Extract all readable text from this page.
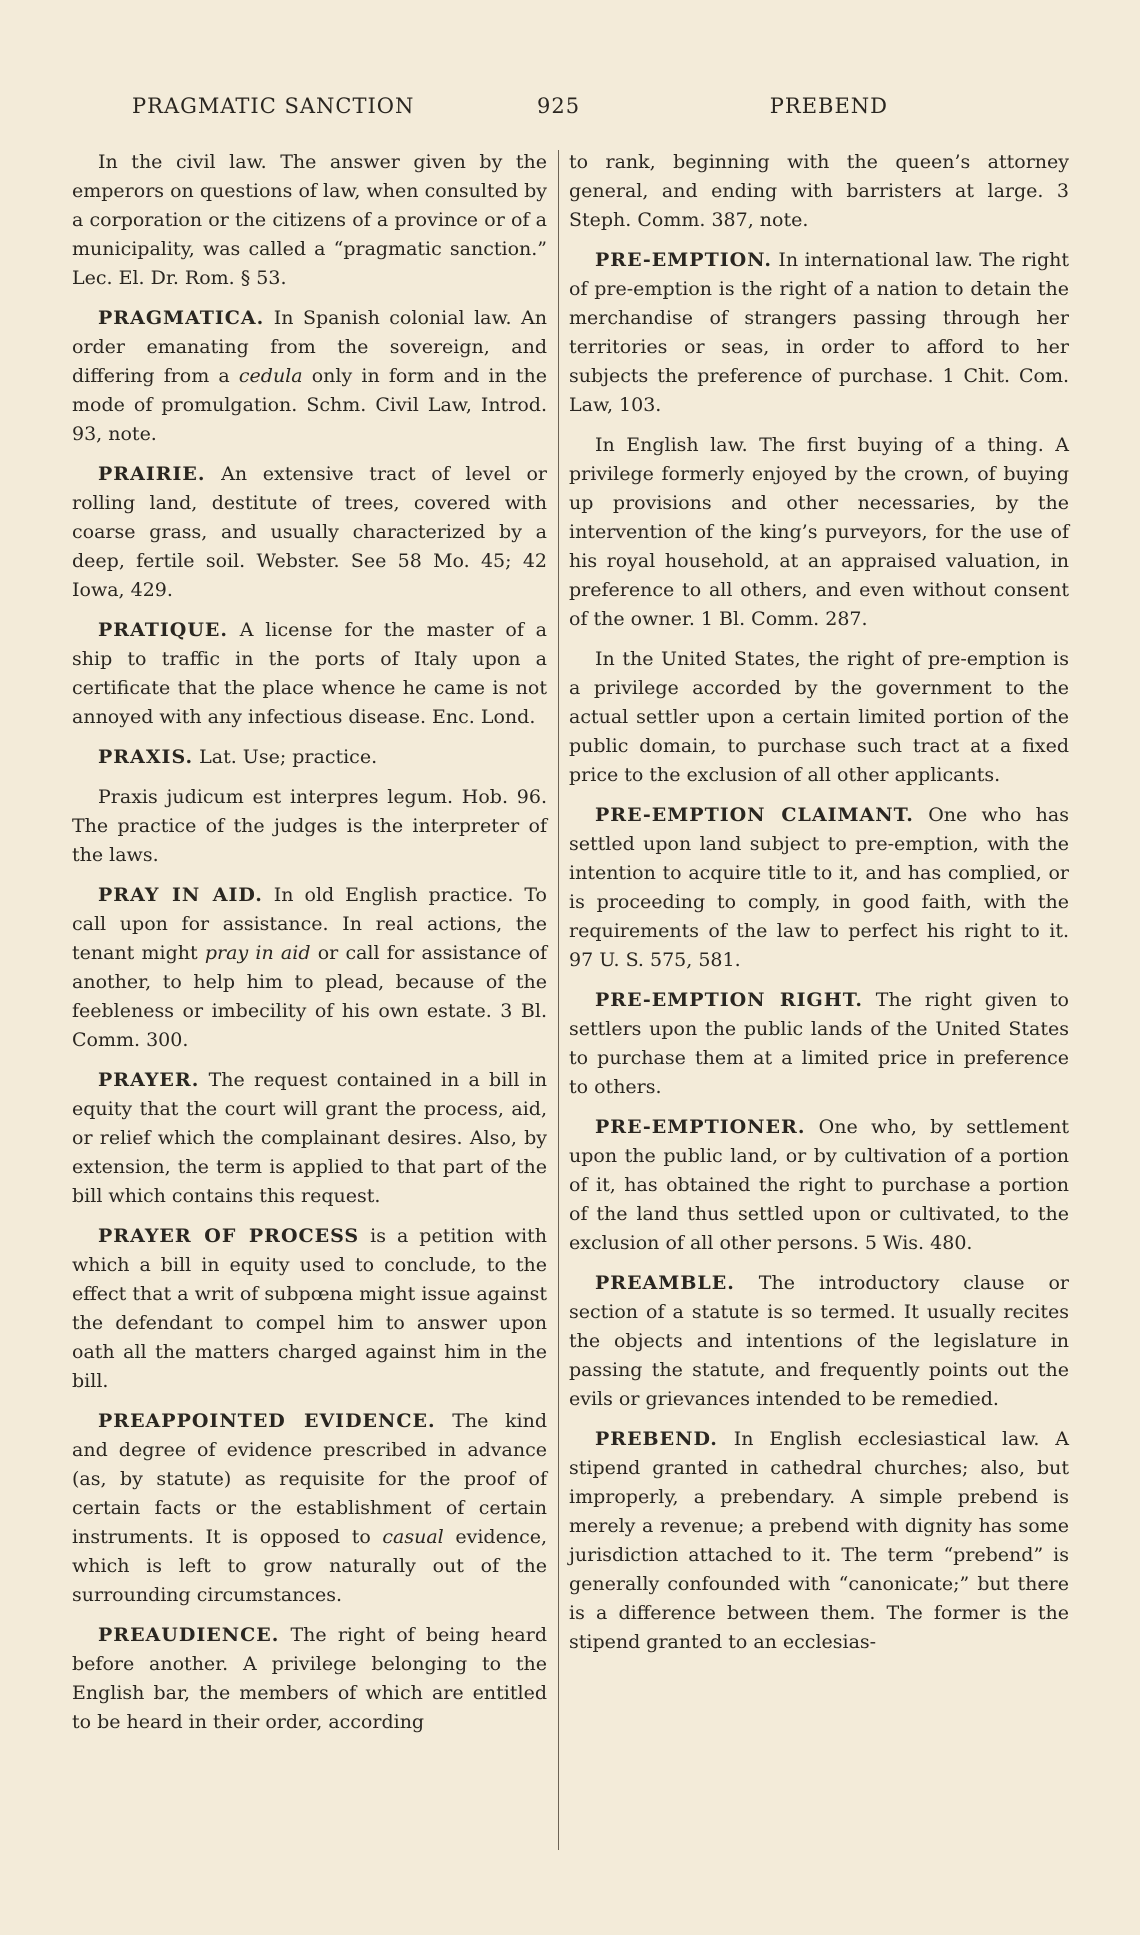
PRAGMATIC SANCTION	925	PREBEND

In the civil law. The answer given by the emperors on questions of law, when consulted by a corporation or the citizens of a province or of a municipality, was called a “pragmatic sanction.” Lec. El. Dr. Rom. § 53.

PRAGMATICA. In Spanish colonial law. An order emanating from the sovereign, and differing from a cedula only in form and in the mode of promulgation. Schm. Civil Law, Introd. 93, note.

PRAIRIE. An extensive tract of level or rolling land, destitute of trees, covered with coarse grass, and usually characterized by a deep, fertile soil. Webster. See 58 Mo. 45; 42 Iowa, 429.

PRATIQUE. A license for the master of a ship to traffic in the ports of Italy upon a certificate that the place whence he came is not annoyed with any infectious disease. Enc. Lond.

PRAXIS. Lat. Use; practice.

Praxis judicum est interpres legum. Hob. 96. The practice of the judges is the interpreter of the laws.

PRAY IN AID. In old English practice. To call upon for assistance. In real actions, the tenant might pray in aid or call for assistance of another, to help him to plead, because of the feebleness or imbecility of his own estate. 3 Bl. Comm. 300.

PRAYER. The request contained in a bill in equity that the court will grant the process, aid, or relief which the complainant desires. Also, by extension, the term is applied to that part of the bill which contains this request.

PRAYER OF PROCESS is a petition with which a bill in equity used to conclude, to the effect that a writ of subpœna might issue against the defendant to compel him to answer upon oath all the matters charged against him in the bill.

PREAPPOINTED EVIDENCE. The kind and degree of evidence prescribed in advance (as, by statute) as requisite for the proof of certain facts or the establishment of certain instruments. It is opposed to casual evidence, which is left to grow naturally out of the surrounding circumstances.

PREAUDIENCE. The right of being heard before another. A privilege belonging to the English bar, the members of which are entitled to be heard in their order, according

to rank, beginning with the queen’s attorney general, and ending with barristers at large. 3 Steph. Comm. 387, note.

PRE-EMPTION. In international law. The right of pre-emption is the right of a nation to detain the merchandise of strangers passing through her territories or seas, in order to afford to her subjects the preference of purchase. 1 Chit. Com. Law, 103.

In English law. The first buying of a thing. A privilege formerly enjoyed by the crown, of buying up provisions and other necessaries, by the intervention of the king’s purveyors, for the use of his royal household, at an appraised valuation, in preference to all others, and even without consent of the owner. 1 Bl. Comm. 287.

In the United States, the right of pre-emption is a privilege accorded by the government to the actual settler upon a certain limited portion of the public domain, to purchase such tract at a fixed price to the exclusion of all other applicants.

PRE-EMPTION CLAIMANT. One who has settled upon land subject to pre-emption, with the intention to acquire title to it, and has complied, or is proceeding to comply, in good faith, with the requirements of the law to perfect his right to it. 97 U. S. 575, 581.

PRE-EMPTION RIGHT. The right given to settlers upon the public lands of the United States to purchase them at a limited price in preference to others.

PRE-EMPTIONER. One who, by settlement upon the public land, or by cultivation of a portion of it, has obtained the right to purchase a portion of the land thus settled upon or cultivated, to the exclusion of all other persons. 5 Wis. 480.

PREAMBLE. The introductory clause or section of a statute is so termed. It usually recites the objects and intentions of the legislature in passing the statute, and frequently points out the evils or grievances intended to be remedied.

PREBEND. In English ecclesiastical law. A stipend granted in cathedral churches; also, but improperly, a prebendary. A simple prebend is merely a revenue; a prebend with dignity has some jurisdiction attached to it. The term “prebend” is generally confounded with “canonicate;” but there is a difference between them. The former is the stipend granted to an ecclesias-
